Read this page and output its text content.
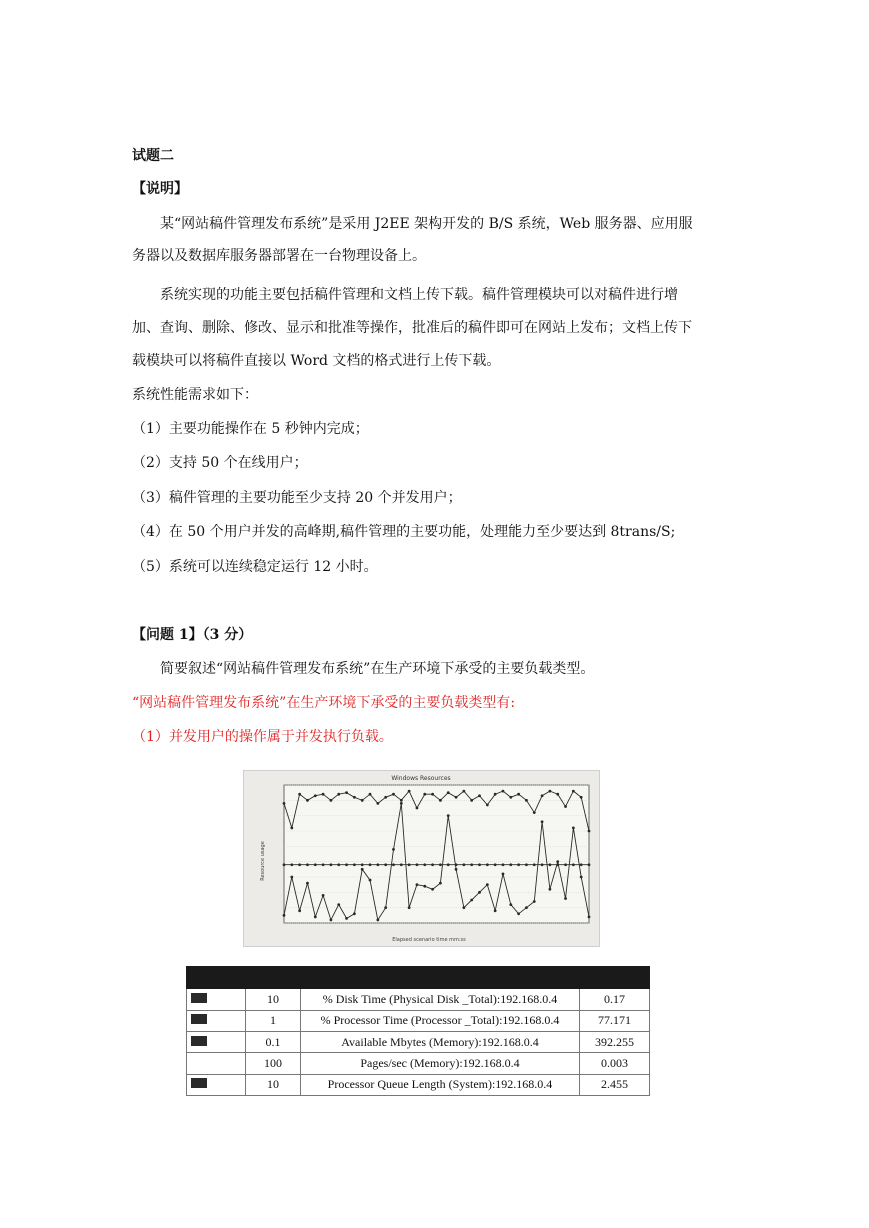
试题二
【说明】
某“网站稿件管理发布系统”是采用 J2EE 架构开发的 B/S 系统，Web 服务器、应用服
务器以及数据库服务器部署在一台物理设备上。
系统实现的功能主要包括稿件管理和文档上传下载。稿件管理模块可以对稿件进行增
加、查询、删除、修改、显示和批准等操作，批准后的稿件即可在网站上发布；文档上传下
载模块可以将稿件直接以 Word 文档的格式进行上传下载。
系统性能需求如下：
（1）主要功能操作在 5 秒钟内完成；
（2）支持 50 个在线用户；
（3）稿件管理的主要功能至少支持 20 个并发用户；
（4）在 50 个用户并发的高峰期,稿件管理的主要功能，处理能力至少要达到 8trans/S;
（5）系统可以连续稳定运行 12 小时。
【问题 1】（3 分）
简要叙述“网站稿件管理发布系统”在生产环境下承受的主要负载类型。
“网站稿件管理发布系统”在生产环境下承受的主要负载类型有:
（1）并发用户的操作属于并发执行负载。
Windows Resources
Resource usage
Elapsed scenario time mm:ss

	10	% Disk Time (Physical Disk _Total):192.168.0.4	0.17
	1	% Processor Time (Processor _Total):192.168.0.4	77.171
	0.1	Available Mbytes (Memory):192.168.0.4	392.255
	100	Pages/sec (Memory):192.168.0.4	0.003
	10	Processor Queue Length (System):192.168.0.4	2.455
